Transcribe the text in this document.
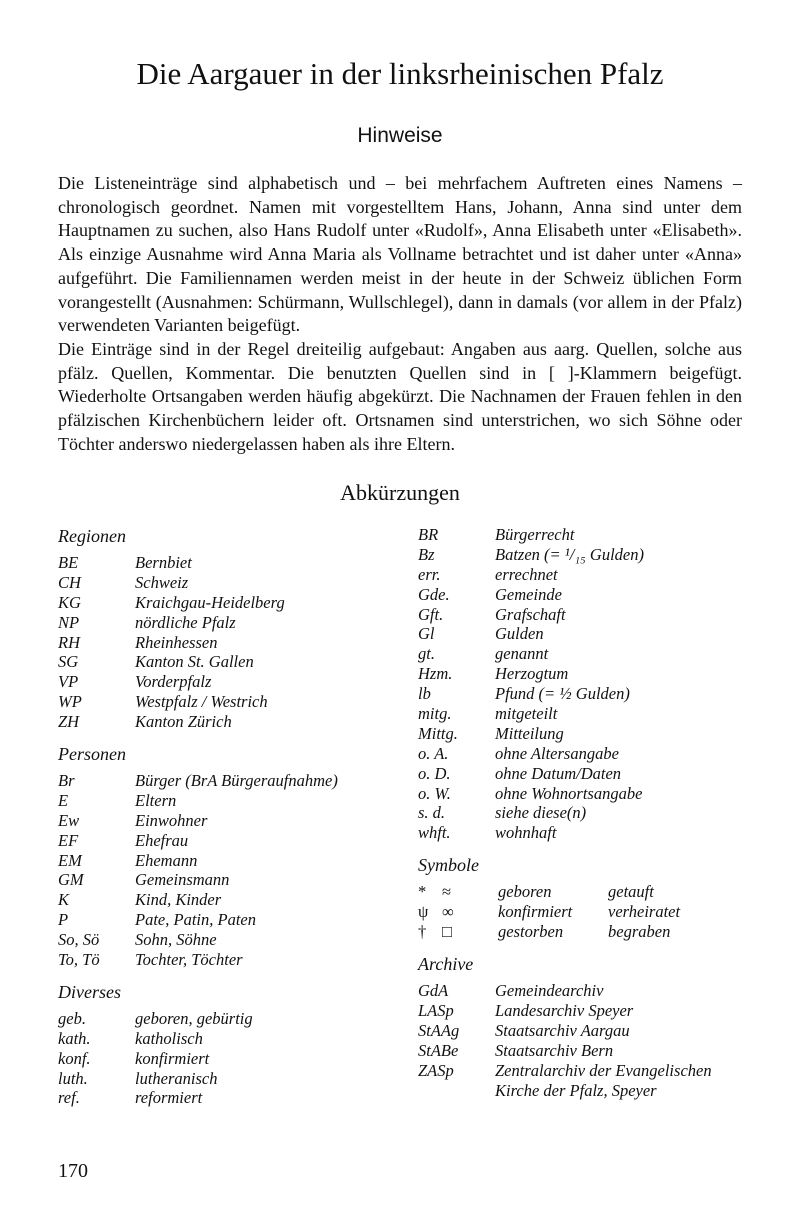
Die Aargauer in der linksrheinischen Pfalz
Hinweise

Die Listeneinträge sind alphabetisch und – bei mehrfachem Auftreten eines Namens – chronologisch geordnet. Namen mit vorgestelltem Hans, Johann, Anna sind unter dem Hauptnamen zu suchen, also Hans Rudolf unter «Rudolf», Anna Elisabeth unter «Elisabeth». Als einzige Ausnahme wird Anna Maria als Vollname betrachtet und ist daher unter «Anna» aufgeführt. Die Familiennamen werden meist in der heute in der Schweiz üblichen Form vorangestellt (Ausnahmen: Schürmann, Wullschlegel), dann in damals (vor allem in der Pfalz) verwendeten Varianten beigefügt.

Die Einträge sind in der Regel dreiteilig aufgebaut: Angaben aus aarg. Quellen, solche aus pfälz. Quellen, Kommentar. Die benutzten Quellen sind in [ ]-Klammern beigefügt. Wiederholte Ortsangaben werden häufig abgekürzt. Die Nachnamen der Frauen fehlen in den pfälzischen Kirchenbüchern leider oft. Ortsnamen sind unterstrichen, wo sich Söhne oder Töchter anderswo niedergelassen haben als ihre Eltern.

Abkürzungen
Regionen
BE	Bernbiet
CH	Schweiz
KG	Kraichgau-Heidelberg
NP	nördliche Pfalz
RH	Rheinhessen
SG	Kanton St. Gallen
VP	Vorderpfalz
WP	Westpfalz / Westrich
ZH	Kanton Zürich
Personen
Br	Bürger (BrA Bürgeraufnahme)
E	Eltern
Ew	Einwohner
EF	Ehefrau
EM	Ehemann
GM	Gemeinsmann
K	Kind, Kinder
P	Pate, Patin, Paten
So, Sö	Sohn, Söhne
To, Tö	Tochter, Töchter
Diverses
geb.	geboren, gebürtig
kath.	katholisch
konf.	konfirmiert
luth.	lutheranisch
ref.	reformiert
BR	Bürgerrecht
Bz	Batzen (= ¹/₁₅ Gulden)
err.	errechnet
Gde.	Gemeinde
Gft.	Grafschaft
Gl	Gulden
gt.	genannt
Hzm.	Herzogtum
lb	Pfund (= ½ Gulden)
mitg.	mitgeteilt
Mittg.	Mitteilung
o. A.	ohne Altersangabe
o. D.	ohne Datum/Daten
o. W.	ohne Wohnortsangabe
s. d.	siehe diese(n)
whft.	wohnhaft
Symbole
* ≈	geboren	getauft
ψ ∞	konfirmiert	verheiratet
† □	gestorben	begraben
Archive
GdA	Gemeindearchiv
LASp	Landesarchiv Speyer
StAAg	Staatsarchiv Aargau
StABe	Staatsarchiv Bern
ZASp	Zentralarchiv der Evangelischen
Kirche der Pfalz, Speyer
170
